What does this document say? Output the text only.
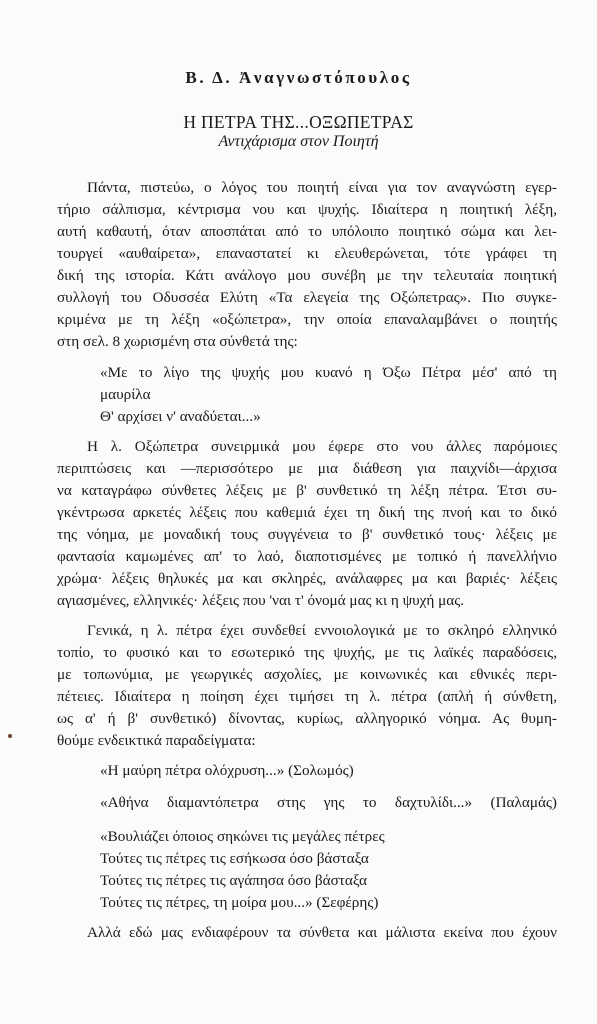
Β. Δ. Ἀναγνωστόπουλος
Η ΠΕΤΡΑ ΤΗΣ...ΟΞΩΠΕΤΡΑΣ
Αντιχάρισμα στον Ποιητή
Πάντα, πιστεύω, ο λόγος του ποιητή είναι για τον αναγνώστη εγερ-
τήριο σάλπισμα, κέντρισμα νου και ψυχής. Ιδιαίτερα η ποιητική λέξη,
αυτή καθαυτή, όταν αποσπάται από το υπόλοιπο ποιητικό σώμα και λει-
τουργεί «αυθαίρετα», επαναστατεί κι ελευθερώνεται, τότε γράφει τη
δική της ιστορία. Κάτι ανάλογο μου συνέβη με την τελευταία ποιητική
συλλογή του Οδυσσέα Ελύτη «Τα ελεγεία της Οξώπετρας». Πιο συγκε-
κριμένα με τη λέξη «οξώπετρα», την οποία επαναλαμβάνει ο ποιητής
στη σελ. 8 χωρισμένη στα σύνθετά της:
«Με το λίγο της ψυχής μου κυανό η Όξω Πέτρα μέσ' από τη
μαυρίλα
Θ' αρχίσει ν' αναδύεται...»
Η λ. Οξώπετρα συνειρμικά μου έφερε στο νου άλλες παρόμοιες
περιπτώσεις και —περισσότερο με μια διάθεση για παιχνίδι—άρχισα
να καταγράφω σύνθετες λέξεις με β' συνθετικό τη λέξη πέτρα. Έτσι συ-
γκέντρωσα αρκετές λέξεις που καθεμιά έχει τη δική της πνοή και το δικό
της νόημα, με μοναδική τους συγγένεια το β' συνθετικό τους· λέξεις με
φαντασία καμωμένες απ' το λαό, διαποτισμένες με τοπικό ή πανελλήνιο
χρώμα· λέξεις θηλυκές μα και σκληρές, ανάλαφρες μα και βαριές· λέξεις
αγιασμένες, ελληνικές· λέξεις που 'ναι τ' όνομά μας κι η ψυχή μας.
Γενικά, η λ. πέτρα έχει συνδεθεί εννοιολογικά με το σκληρό ελληνικό
τοπίο, το φυσικό και το εσωτερικό της ψυχής, με τις λαϊκές παραδόσεις,
με τοπωνύμια, με γεωργικές ασχολίες, με κοινωνικές και εθνικές περι-
πέτειες. Ιδιαίτερα η ποίηση έχει τιμήσει τη λ. πέτρα (απλή ή σύνθετη,
ως α' ή β' συνθετικό) δίνοντας, κυρίως, αλληγορικό νόημα. Ας θυμη-
θούμε ενδεικτικά παραδείγματα:
«Η μαύρη πέτρα ολόχρυση...» (Σολωμός)
«Αθήνα διαμαντόπετρα στης γης το δαχτυλίδι...» (Παλαμάς)
«Βουλιάζει όποιος σηκώνει τις μεγάλες πέτρες
Τούτες τις πέτρες τις εσήκωσα όσο βάσταξα
Τούτες τις πέτρες τις αγάπησα όσο βάσταξα
Τούτες τις πέτρες, τη μοίρα μου...» (Σεφέρης)
Αλλά εδώ μας ενδιαφέρουν τα σύνθετα και μάλιστα εκείνα που έχουν
